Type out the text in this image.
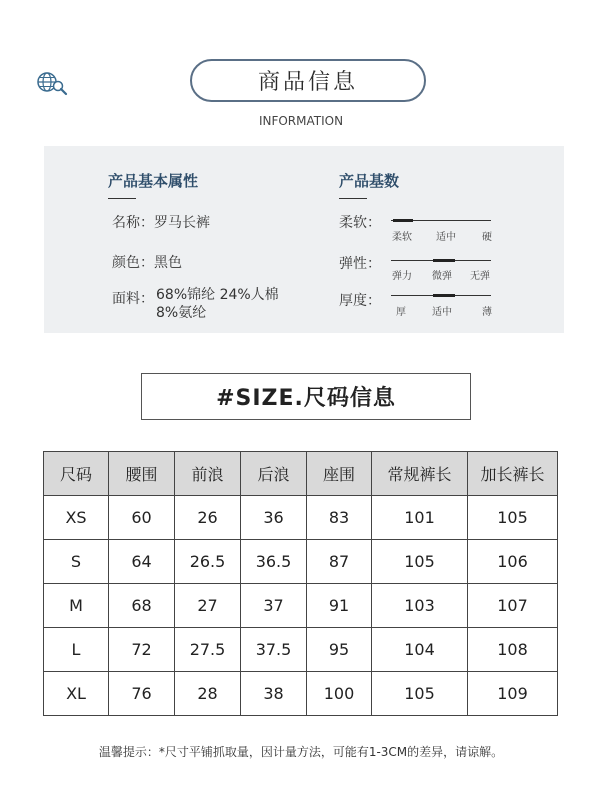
商品信息
INFORMATION
产品基本属性
名称：罗马长裤
颜色：黑色
面料： 68%锦纶 24%人棉
8%氨纶
产品基数
柔软：
柔软 适中	硬
弹性：
弹力 微弹 无弹
厚度：
厚	适中	薄
#SIZE.尺码信息
尺码	腰围	前浪	后浪	座围	常规裤长	加长裤长
XS	60	26	36	83	101	105
S	64	26.5	36.5	87	105	106
M	68	27	37	91	103	107
L	72	27.5	37.5	95	104	108
XL	76	28	38	100	105	109
温馨提示：*尺寸平铺抓取量，因计量方法，可能有1-3CM的差异，请谅解。
